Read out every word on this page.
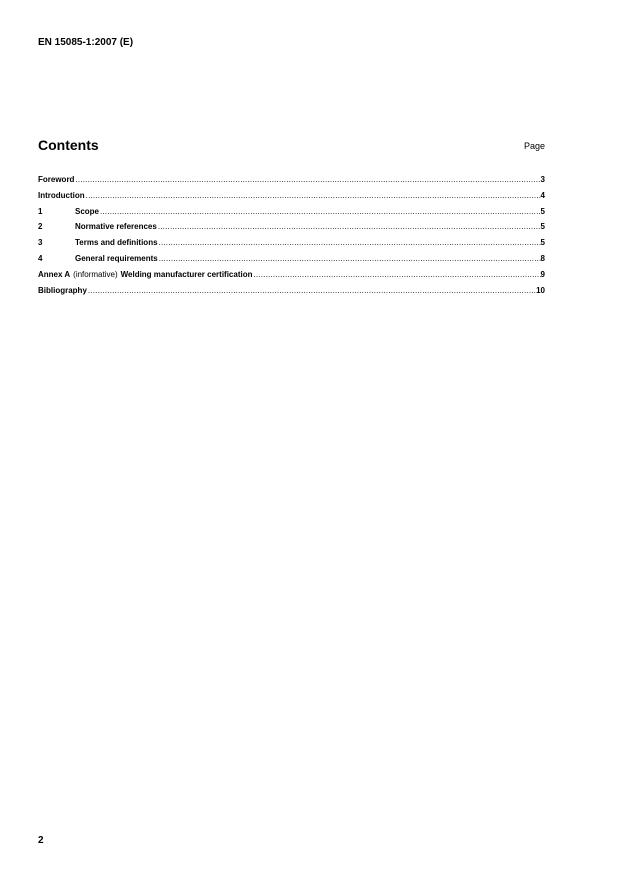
EN 15085-1:2007 (E)
Contents	Page
Foreword .....	3
Introduction .....	4
1	Scope .....	5
2	Normative references .....	5
3	Terms and definitions .....	5
4	General requirements .....	8
Annex A (informative) Welding manufacturer certification .....	9
Bibliography .....	10
2
